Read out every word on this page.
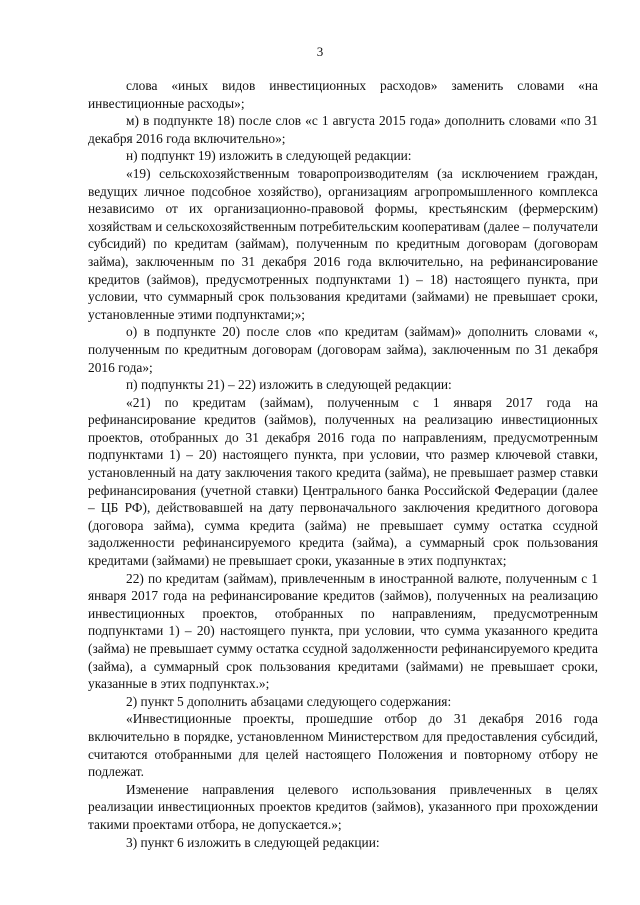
3

слова «иных видов инвестиционных расходов» заменить словами «на инвестиционные расходы»;

м) в подпункте 18) после слов «с 1 августа 2015 года» дополнить словами «по 31 декабря 2016 года включительно»;

н) подпункт 19) изложить в следующей редакции:

«19) сельскохозяйственным товаропроизводителям (за исключением граждан, ведущих личное подсобное хозяйство), организациям агропромышленного комплекса независимо от их организационно-правовой формы, крестьянским (фермерским) хозяйствам и сельскохозяйственным потребительским кооперативам (далее – получатели субсидий) по кредитам (займам), полученным по кредитным договорам (договорам займа), заключенным по 31 декабря 2016 года включительно, на рефинансирование кредитов (займов), предусмотренных подпунктами 1) – 18) настоящего пункта, при условии, что суммарный срок пользования кредитами (займами) не превышает сроки, установленные этими подпунктами;»;

о) в подпункте 20) после слов «по кредитам (займам)» дополнить словами «, полученным по кредитным договорам (договорам займа), заключенным по 31 декабря 2016 года»;

п) подпункты 21) – 22) изложить в следующей редакции:

«21) по кредитам (займам), полученным с 1 января 2017 года на рефинансирование кредитов (займов), полученных на реализацию инвестиционных проектов, отобранных до 31 декабря 2016 года по направлениям, предусмотренным подпунктами 1) – 20) настоящего пункта, при условии, что размер ключевой ставки, установленный на дату заключения такого кредита (займа), не превышает размер ставки рефинансирования (учетной ставки) Центрального банка Российской Федерации (далее – ЦБ РФ), действовавшей на дату первоначального заключения кредитного договора (договора займа), сумма кредита (займа) не превышает сумму остатка ссудной задолженности рефинансируемого кредита (займа), а суммарный срок пользования кредитами (займами) не превышает сроки, указанные в этих подпунктах;

22) по кредитам (займам), привлеченным в иностранной валюте, полученным с 1 января 2017 года на рефинансирование кредитов (займов), полученных на реализацию инвестиционных проектов, отобранных по направлениям, предусмотренным подпунктами 1) – 20) настоящего пункта, при условии, что сумма указанного кредита (займа) не превышает сумму остатка ссудной задолженности рефинансируемого кредита (займа), а суммарный срок пользования кредитами (займами) не превышает сроки, указанные в этих подпунктах.»;

2) пункт 5 дополнить абзацами следующего содержания:

«Инвестиционные проекты, прошедшие отбор до 31 декабря 2016 года включительно в порядке, установленном Министерством для предоставления субсидий, считаются отобранными для целей настоящего Положения и повторному отбору не подлежат.

Изменение направления целевого использования привлеченных в целях реализации инвестиционных проектов кредитов (займов), указанного при прохождении такими проектами отбора, не допускается.»;

3) пункт 6 изложить в следующей редакции:
